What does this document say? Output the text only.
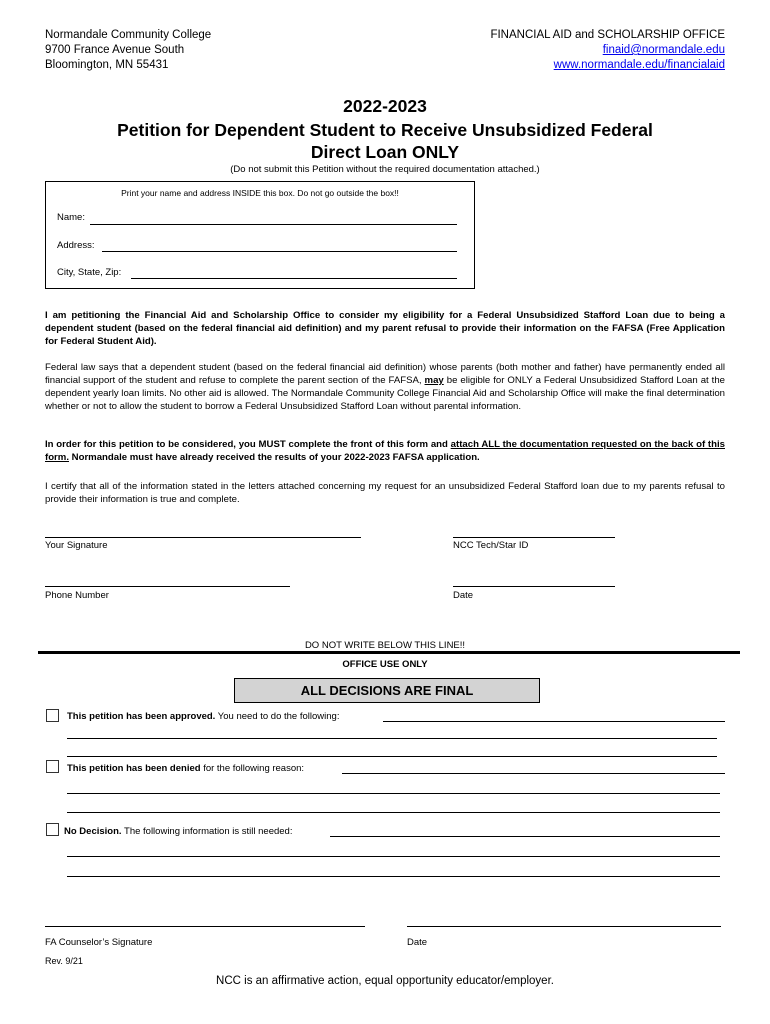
Normandale Community College
9700 France Avenue South
Bloomington, MN 55431
FINANCIAL AID and SCHOLARSHIP OFFICE
finaid@normandale.edu
www.normandale.edu/financialaid
2022-2023
Petition for Dependent Student to Receive Unsubsidized Federal
Direct Loan ONLY
(Do not submit this Petition without the required documentation attached.)
Print your name and address INSIDE this box. Do not go outside the box!!
Name:
Address:
City, State, Zip:
I am petitioning the Financial Aid and Scholarship Office to consider my eligibility for a Federal Unsubsidized Stafford Loan due to being a dependent student (based on the federal financial aid definition) and my parent refusal to provide their information on the FAFSA (Free Application for Federal Student Aid).
Federal law says that a dependent student (based on the federal financial aid definition) whose parents (both mother and father) have permanently ended all financial support of the student and refuse to complete the parent section of the FAFSA, may be eligible for ONLY a Federal Unsubsidized Stafford Loan at the dependent yearly loan limits. No other aid is allowed. The Normandale Community College Financial Aid and Scholarship Office will make the final determination whether or not to allow the student to borrow a Federal Unsubsidized Stafford Loan without parental information.
In order for this petition to be considered, you MUST complete the front of this form and attach ALL the documentation requested on the back of this form. Normandale must have already received the results of your 2022-2023 FAFSA application.
I certify that all of the information stated in the letters attached concerning my request for an unsubsidized Federal Stafford loan due to my parents refusal to provide their information is true and complete.
Your Signature	NCC Tech/Star ID
Phone Number	Date
DO NOT WRITE BELOW THIS LINE!!
OFFICE USE ONLY
ALL DECISIONS ARE FINAL
This petition has been approved. You need to do the following:
This petition has been denied for the following reason:
No Decision. The following information is still needed:
FA Counselor’s Signature	Date
Rev. 9/21
NCC is an affirmative action, equal opportunity educator/employer.
